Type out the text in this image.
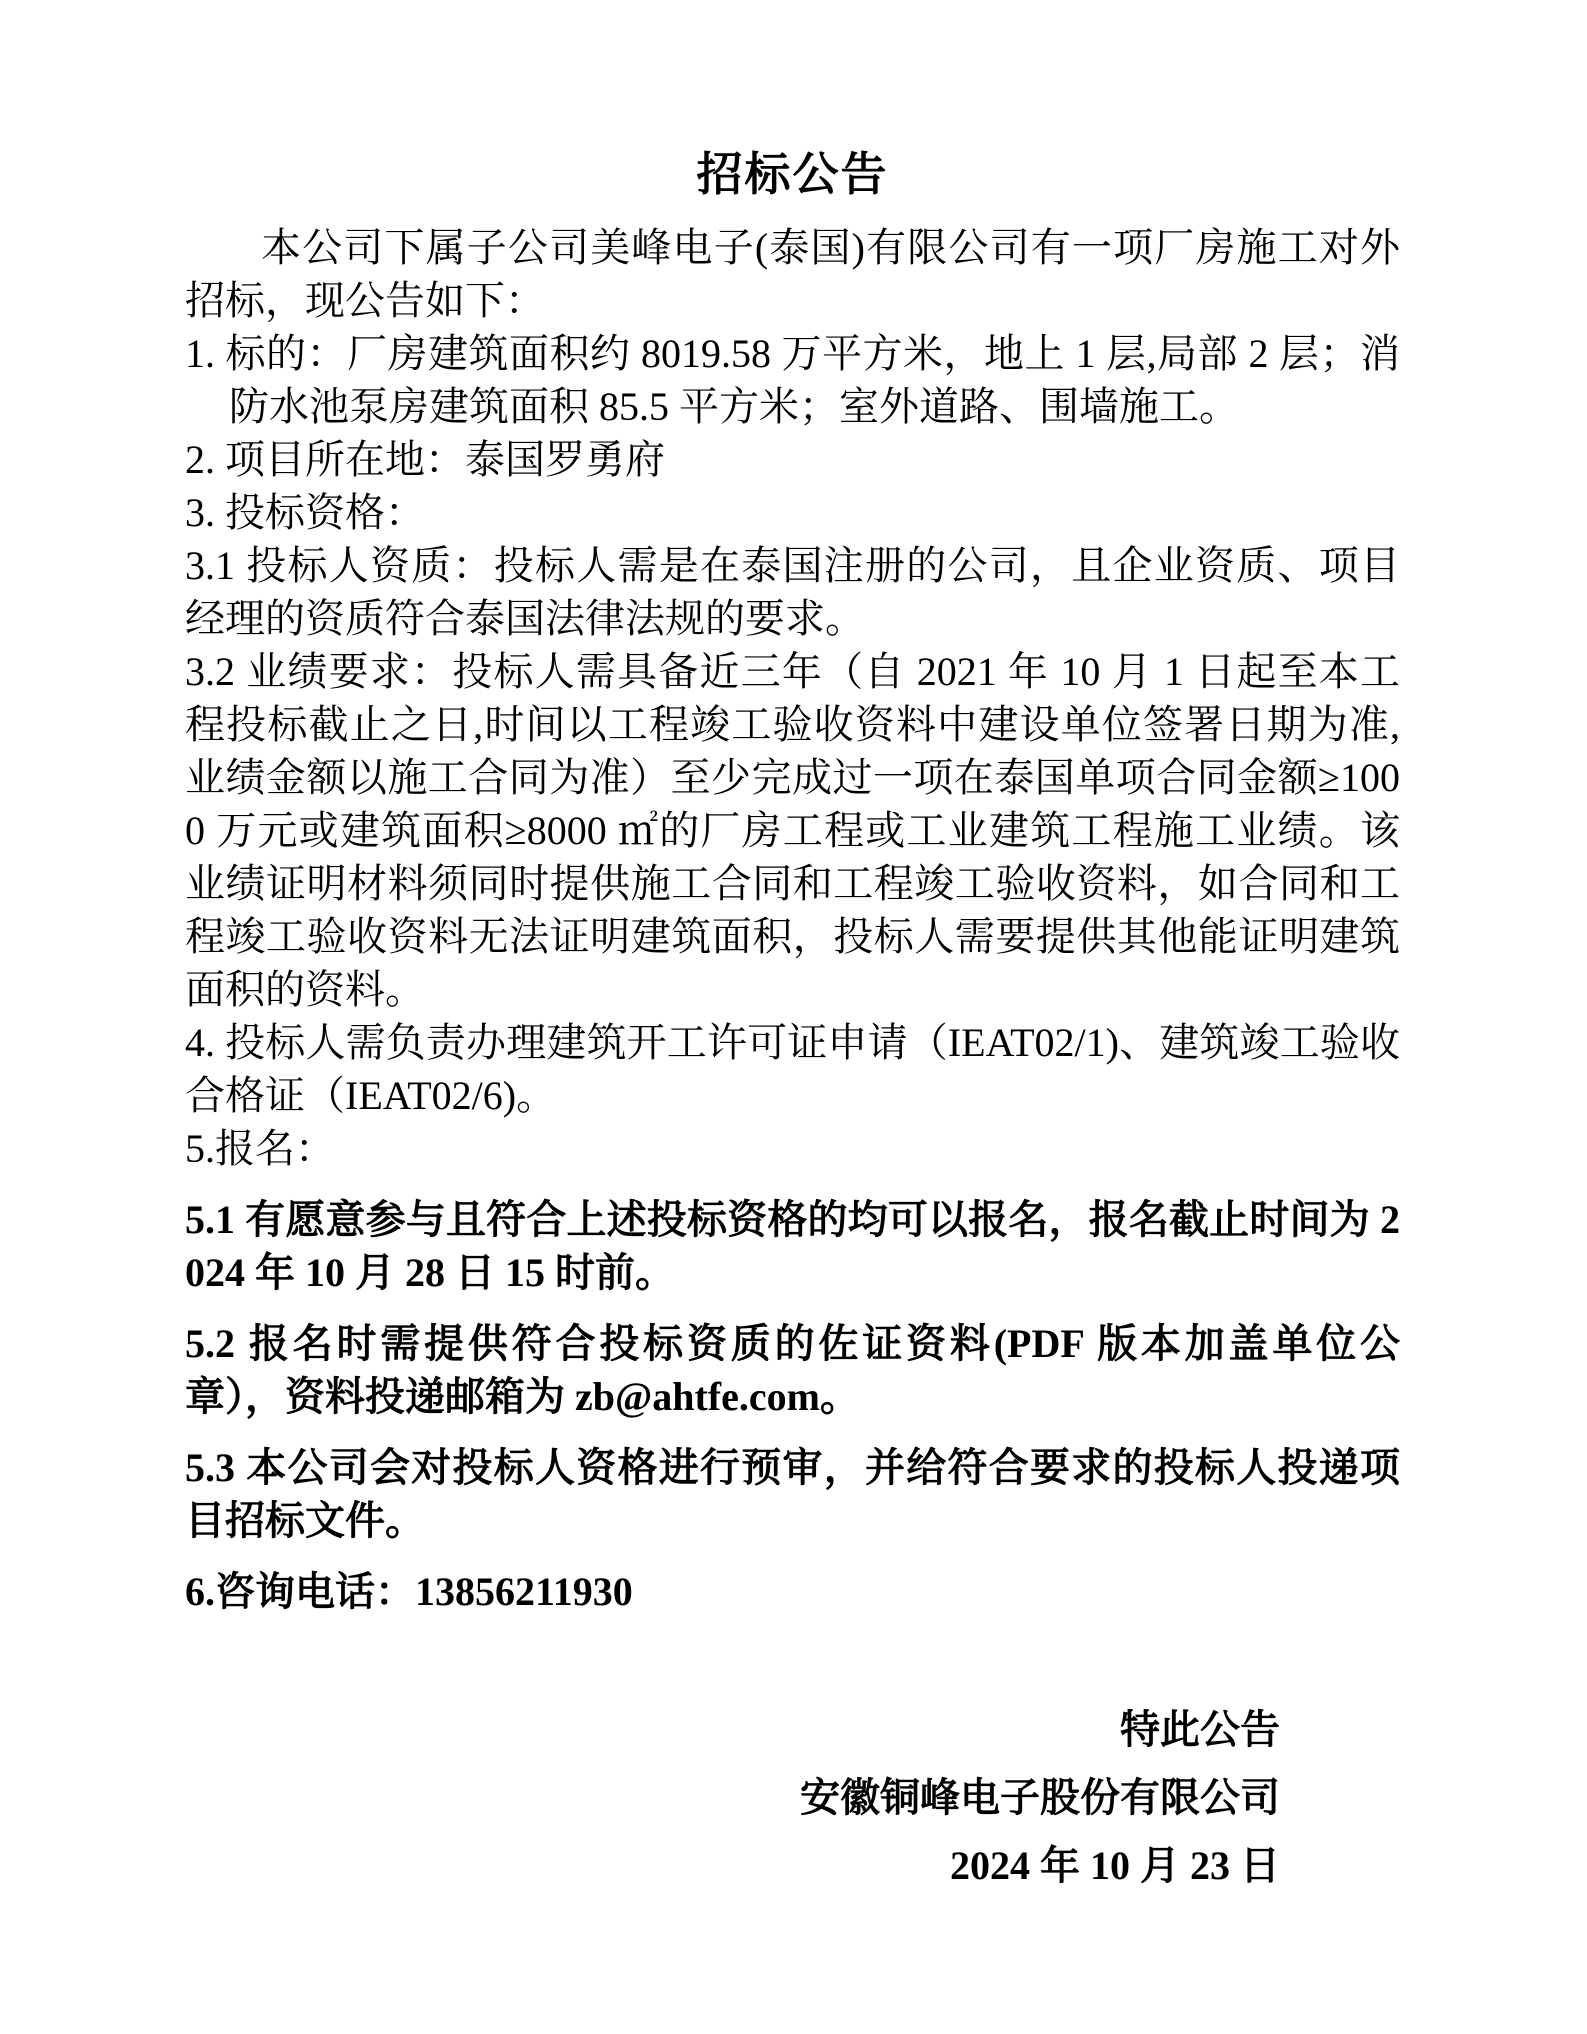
招标公告

本公司下属子公司美峰电子(泰国)有限公司有一项厂房施工对外招标，现公告如下：

1. 标的：厂房建筑面积约 8019.58 万平方米，地上 1 层,局部 2 层；消防水池泵房建筑面积 85.5 平方米；室外道路、围墙施工。

2. 项目所在地：泰国罗勇府

3. 投标资格：

3.1 投标人资质：投标人需是在泰国注册的公司，且企业资质、项目经理的资质符合泰国法律法规的要求。

3.2 业绩要求：投标人需具备近三年（自 2021 年 10 月 1 日起至本工程投标截止之日,时间以工程竣工验收资料中建设单位签署日期为准,业绩金额以施工合同为准）至少完成过一项在泰国单项合同金额≥1000 万元或建筑面积≥8000 ㎡的厂房工程或工业建筑工程施工业绩。该业绩证明材料须同时提供施工合同和工程竣工验收资料，如合同和工程竣工验收资料无法证明建筑面积，投标人需要提供其他能证明建筑面积的资料。

4. 投标人需负责办理建筑开工许可证申请（IEAT02/1)、建筑竣工验收合格证（IEAT02/6)。

5.报名：

5.1 有愿意参与且符合上述投标资格的均可以报名，报名截止时间为 2024 年 10 月 28 日 15 时前。

5.2 报名时需提供符合投标资质的佐证资料(PDF 版本加盖单位公章），资料投递邮箱为 zb@ahtfe.com。

5.3 本公司会对投标人资格进行预审，并给符合要求的投标人投递项目招标文件。

6.咨询电话：13856211930

特此公告

安徽铜峰电子股份有限公司

2024 年 10 月 23 日
